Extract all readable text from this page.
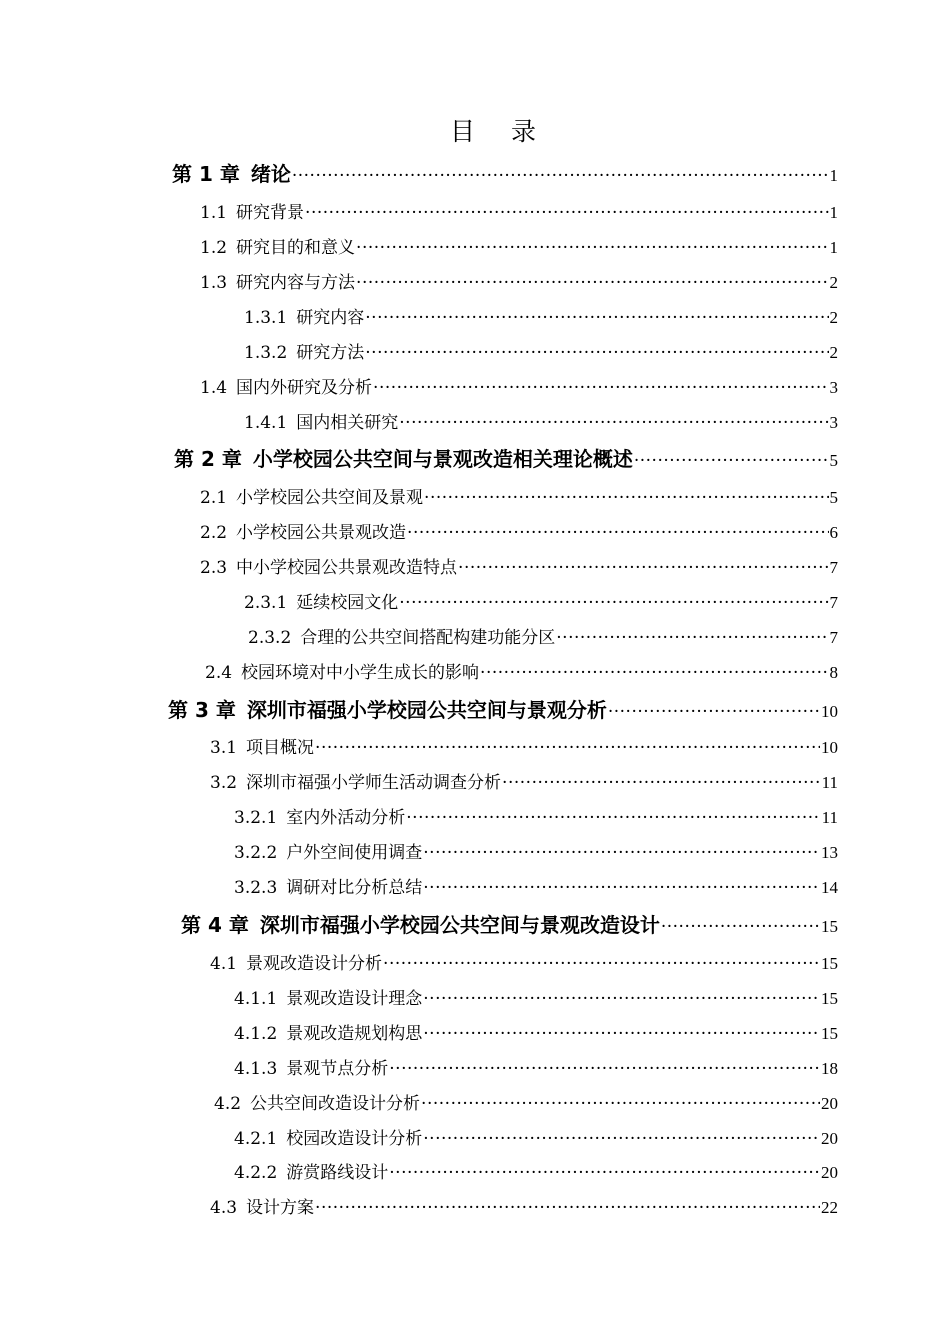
目 录
第 1 章 绪论 ·····	1
1.1 研究背景 ·····	1
1.2 研究目的和意义 ·····	1
1.3 研究内容与方法 ·····	2
1.3.1 研究内容 ·····	2
1.3.2 研究方法 ·····	2
1.4 国内外研究及分析 ·····	3
1.4.1 国内相关研究 ·····	3
第 2 章 小学校园公共空间与景观改造相关理论概述 ·····	5
2.1 小学校园公共空间及景观 ·····	5
2.2 小学校园公共景观改造 ·····	6
2.3 中小学校园公共景观改造特点 ·····	7
2.3.1 延续校园文化 ·····	7
2.3.2 合理的公共空间搭配构建功能分区 ·····	7
2.4 校园环境对中小学生成长的影响 ·····	8
第 3 章 深圳市福强小学校园公共空间与景观分析 ·····	10
3.1 项目概况 ·····	10
3.2 深圳市福强小学师生活动调查分析 ·····	11
3.2.1 室内外活动分析 ·····	11
3.2.2 户外空间使用调查 ·····	13
3.2.3 调研对比分析总结 ·····	14
第 4 章 深圳市福强小学校园公共空间与景观改造设计 ·····	15
4.1 景观改造设计分析 ·····	15
4.1.1 景观改造设计理念 ·····	15
4.1.2 景观改造规划构思 ·····	15
4.1.3 景观节点分析 ·····	18
4.2 公共空间改造设计分析 ·····	20
4.2.1 校园改造设计分析 ·····	20
4.2.2 游赏路线设计 ·····	20
4.3 设计方案 ·····	22
